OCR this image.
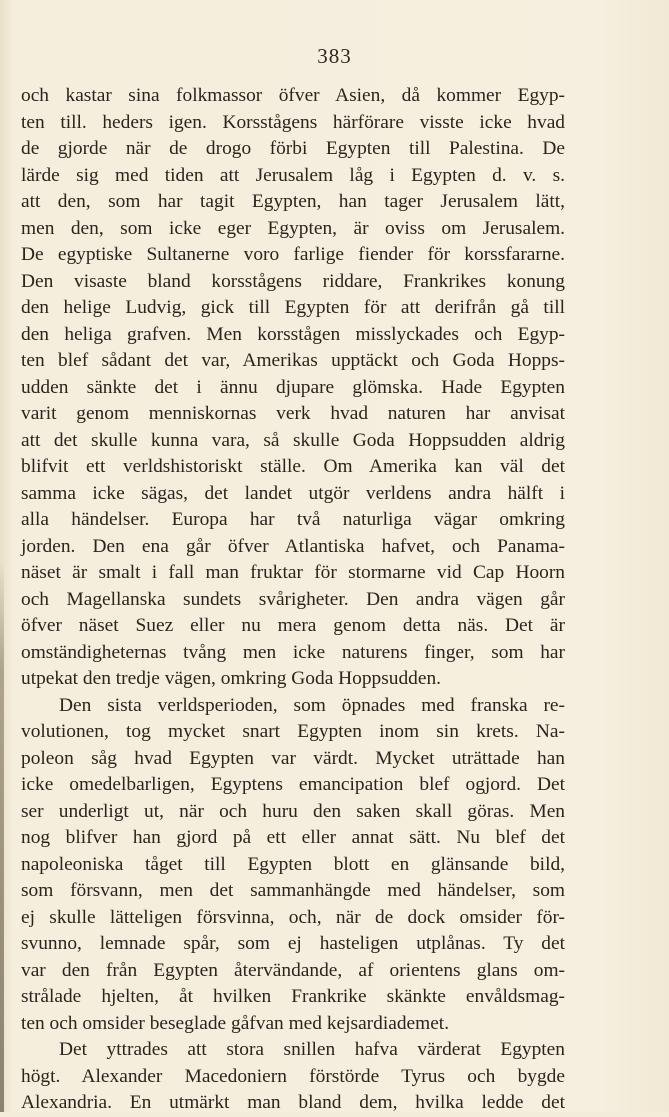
383
och kastar sina folkmassor öfver Asien, då kommer Egyp-
ten till. heders igen. Korsstågens härförare visste icke hvad
de gjorde när de drogo förbi Egypten till Palestina. De
lärde sig med tiden att Jerusalem låg i Egypten d. v. s.
att den, som har tagit Egypten, han tager Jerusalem lätt,
men den, som icke eger Egypten, är oviss om Jerusalem.
De egyptiske Sultanerne voro farlige fiender för korssfararne.
Den visaste bland korsstågens riddare, Frankrikes konung
den helige Ludvig, gick till Egypten för att derifrån gå till
den heliga grafven. Men korsstågen misslyckades och Egyp-
ten blef sådant det var, Amerikas upptäckt och Goda Hopps-
udden sänkte det i ännu djupare glömska. Hade Egypten
varit genom menniskornas verk hvad naturen har anvisat
att det skulle kunna vara, så skulle Goda Hoppsudden aldrig
blifvit ett verldshistoriskt ställe. Om Amerika kan väl det
samma icke sägas, det landet utgör verldens andra hälft i
alla händelser. Europa har två naturliga vägar omkring
jorden. Den ena går öfver Atlantiska hafvet, och Panama-
näset är smalt i fall man fruktar för stormarne vid Cap Hoorn
och Magellanska sundets svårigheter. Den andra vägen går
öfver näset Suez eller nu mera genom detta näs. Det är
omständigheternas tvång men icke naturens finger, som har
utpekat den tredje vägen, omkring Goda Hoppsudden.
Den sista verldsperioden, som öpnades med franska re-
volutionen, tog mycket snart Egypten inom sin krets. Na-
poleon såg hvad Egypten var värdt. Mycket uträttade han
icke omedelbarligen, Egyptens emancipation blef ogjord. Det
ser underligt ut, när och huru den saken skall göras. Men
nog blifver han gjord på ett eller annat sätt. Nu blef det
napoleoniska tåget till Egypten blott en glänsande bild,
som försvann, men det sammanhängde med händelser, som
ej skulle lätteligen försvinna, och, när de dock omsider för-
svunno, lemnade spår, som ej hasteligen utplånas. Ty det
var den från Egypten återvändande, af orientens glans om-
strålade hjelten, åt hvilken Frankrike skänkte envåldsmag-
ten och omsider beseglade gåfvan med kejsardiademet.
Det yttrades att stora snillen hafva värderat Egypten
högt. Alexander Macedoniern förstörde Tyrus och bygde
Alexandria. En utmärkt man bland dem, hvilka ledde det
